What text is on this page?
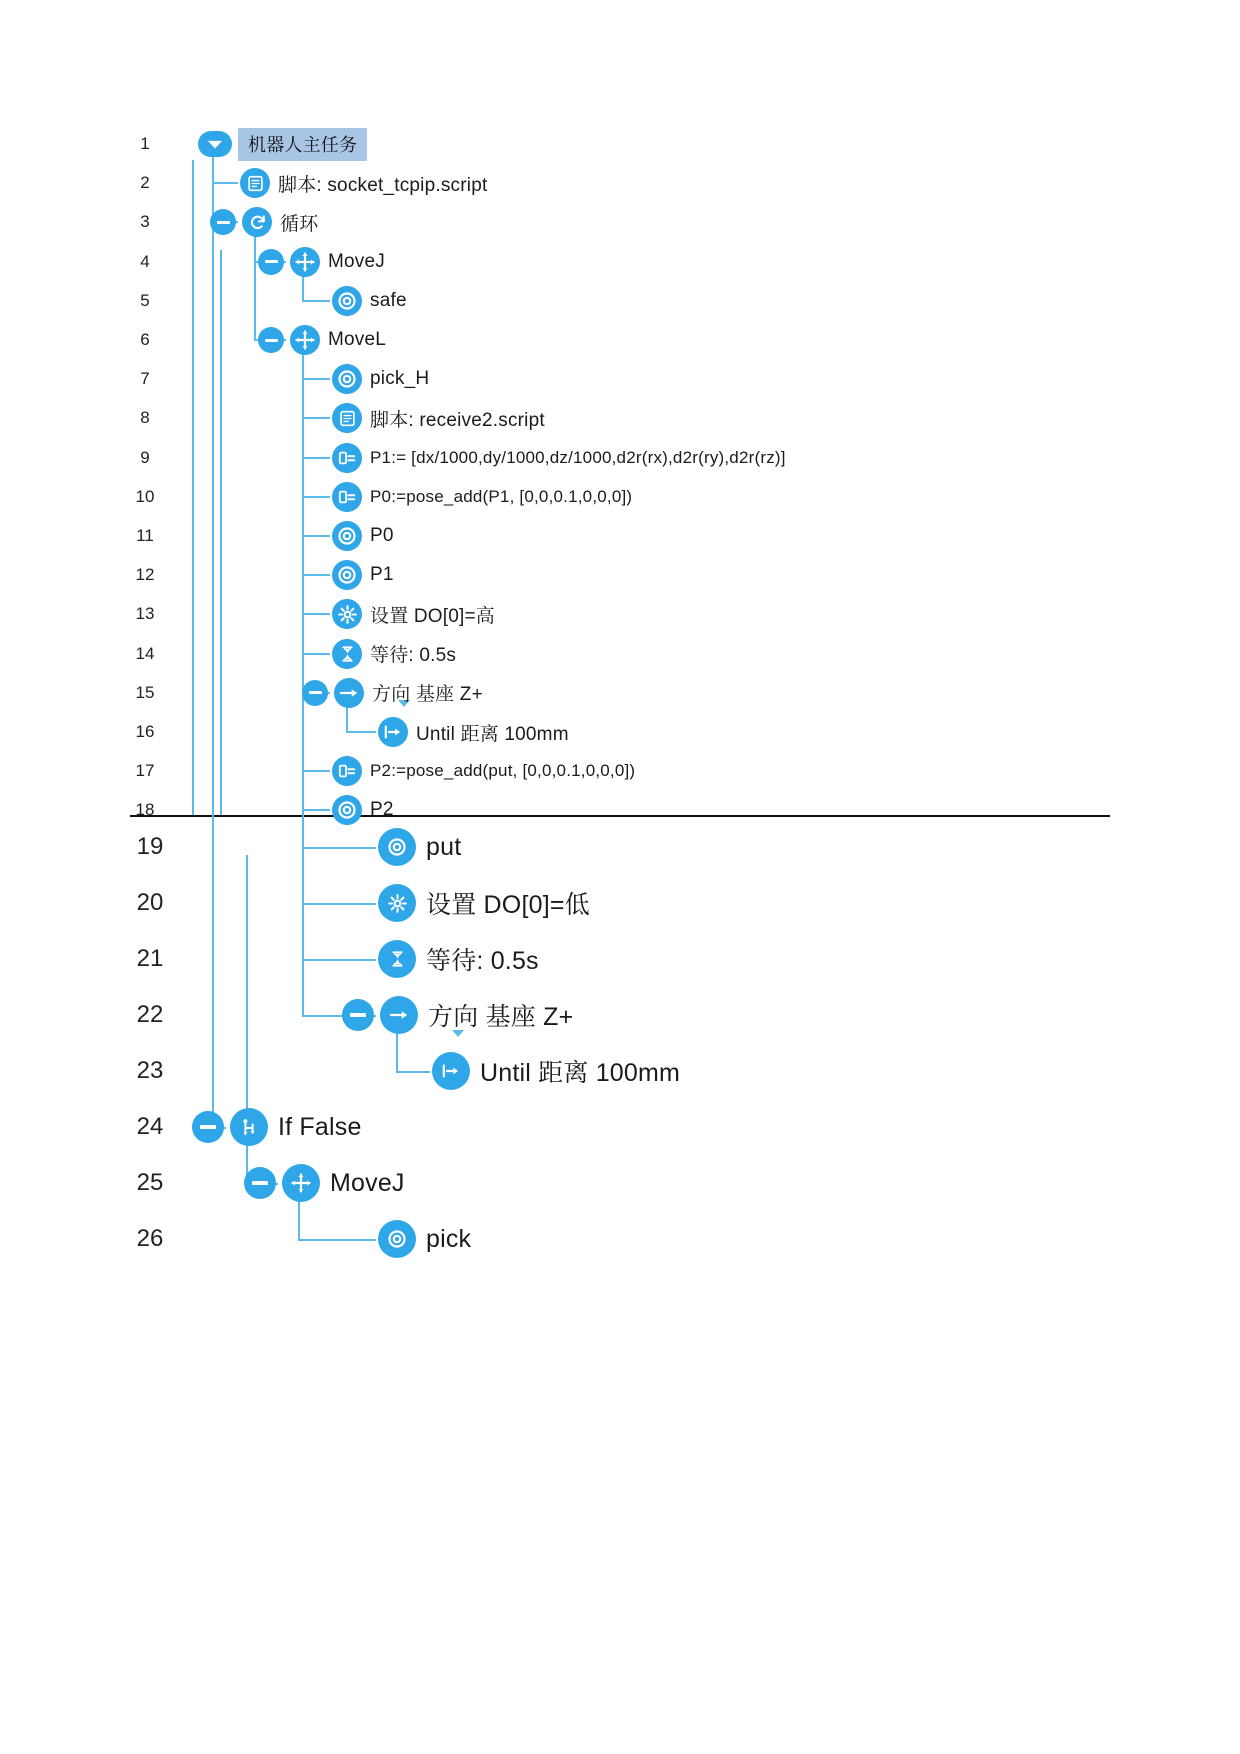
1	机器人主任务
2	脚本: socket_tcpip.script
3	循环
4	MoveJ
5	safe
6	MoveL
7	pick_H
8	脚本: receive2.script
9	P1:= [dx/1000,dy/1000,dz/1000,d2r(rx),d2r(ry),d2r(rz)]
10	P0:=pose_add(P1, [0,0,0.1,0,0,0])
11	P0
12	P1
13	设置 DO[0]=高
14	等待: 0.5s
15	方向 基座 Z+
16	Until 距离 100mm
17	P2:=pose_add(put, [0,0,0.1,0,0,0])
18	P2
19	put
20	设置 DO[0]=低
21	等待: 0.5s
22	方向 基座 Z+
23	Until 距离 100mm
24	If False
25	MoveJ
26	pick
